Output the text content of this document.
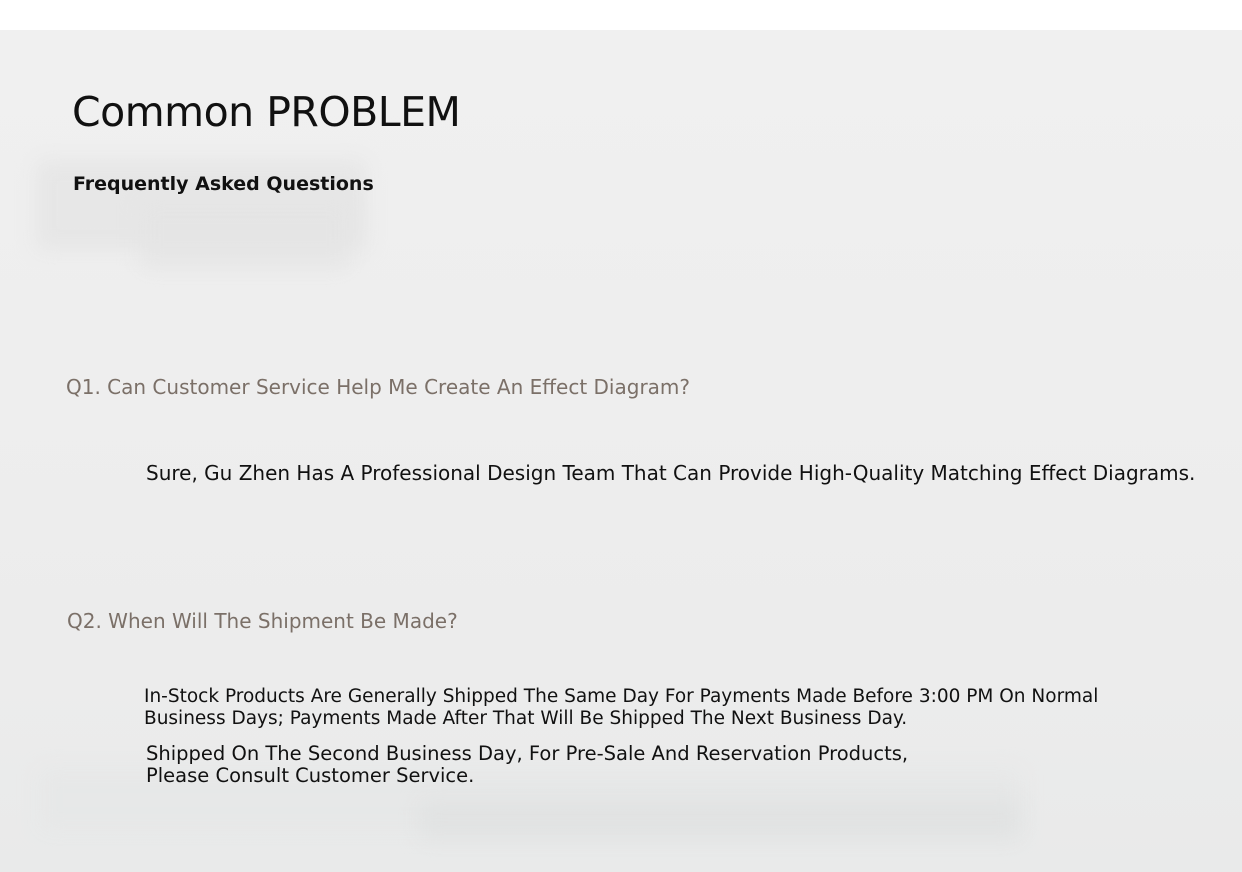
Common PROBLEM
Frequently Asked Questions

Q1. Can Customer Service Help Me Create An Effect Diagram?

Sure, Gu Zhen Has A Professional Design Team That Can Provide High-Quality Matching Effect Diagrams.

Q2. When Will The Shipment Be Made?

In-Stock Products Are Generally Shipped The Same Day For Payments Made Before 3:00 PM On Normal Business Days; Payments Made After That Will Be Shipped The Next Business Day.

Shipped On The Second Business Day, For Pre-Sale And Reservation Products, Please Consult Customer Service.
